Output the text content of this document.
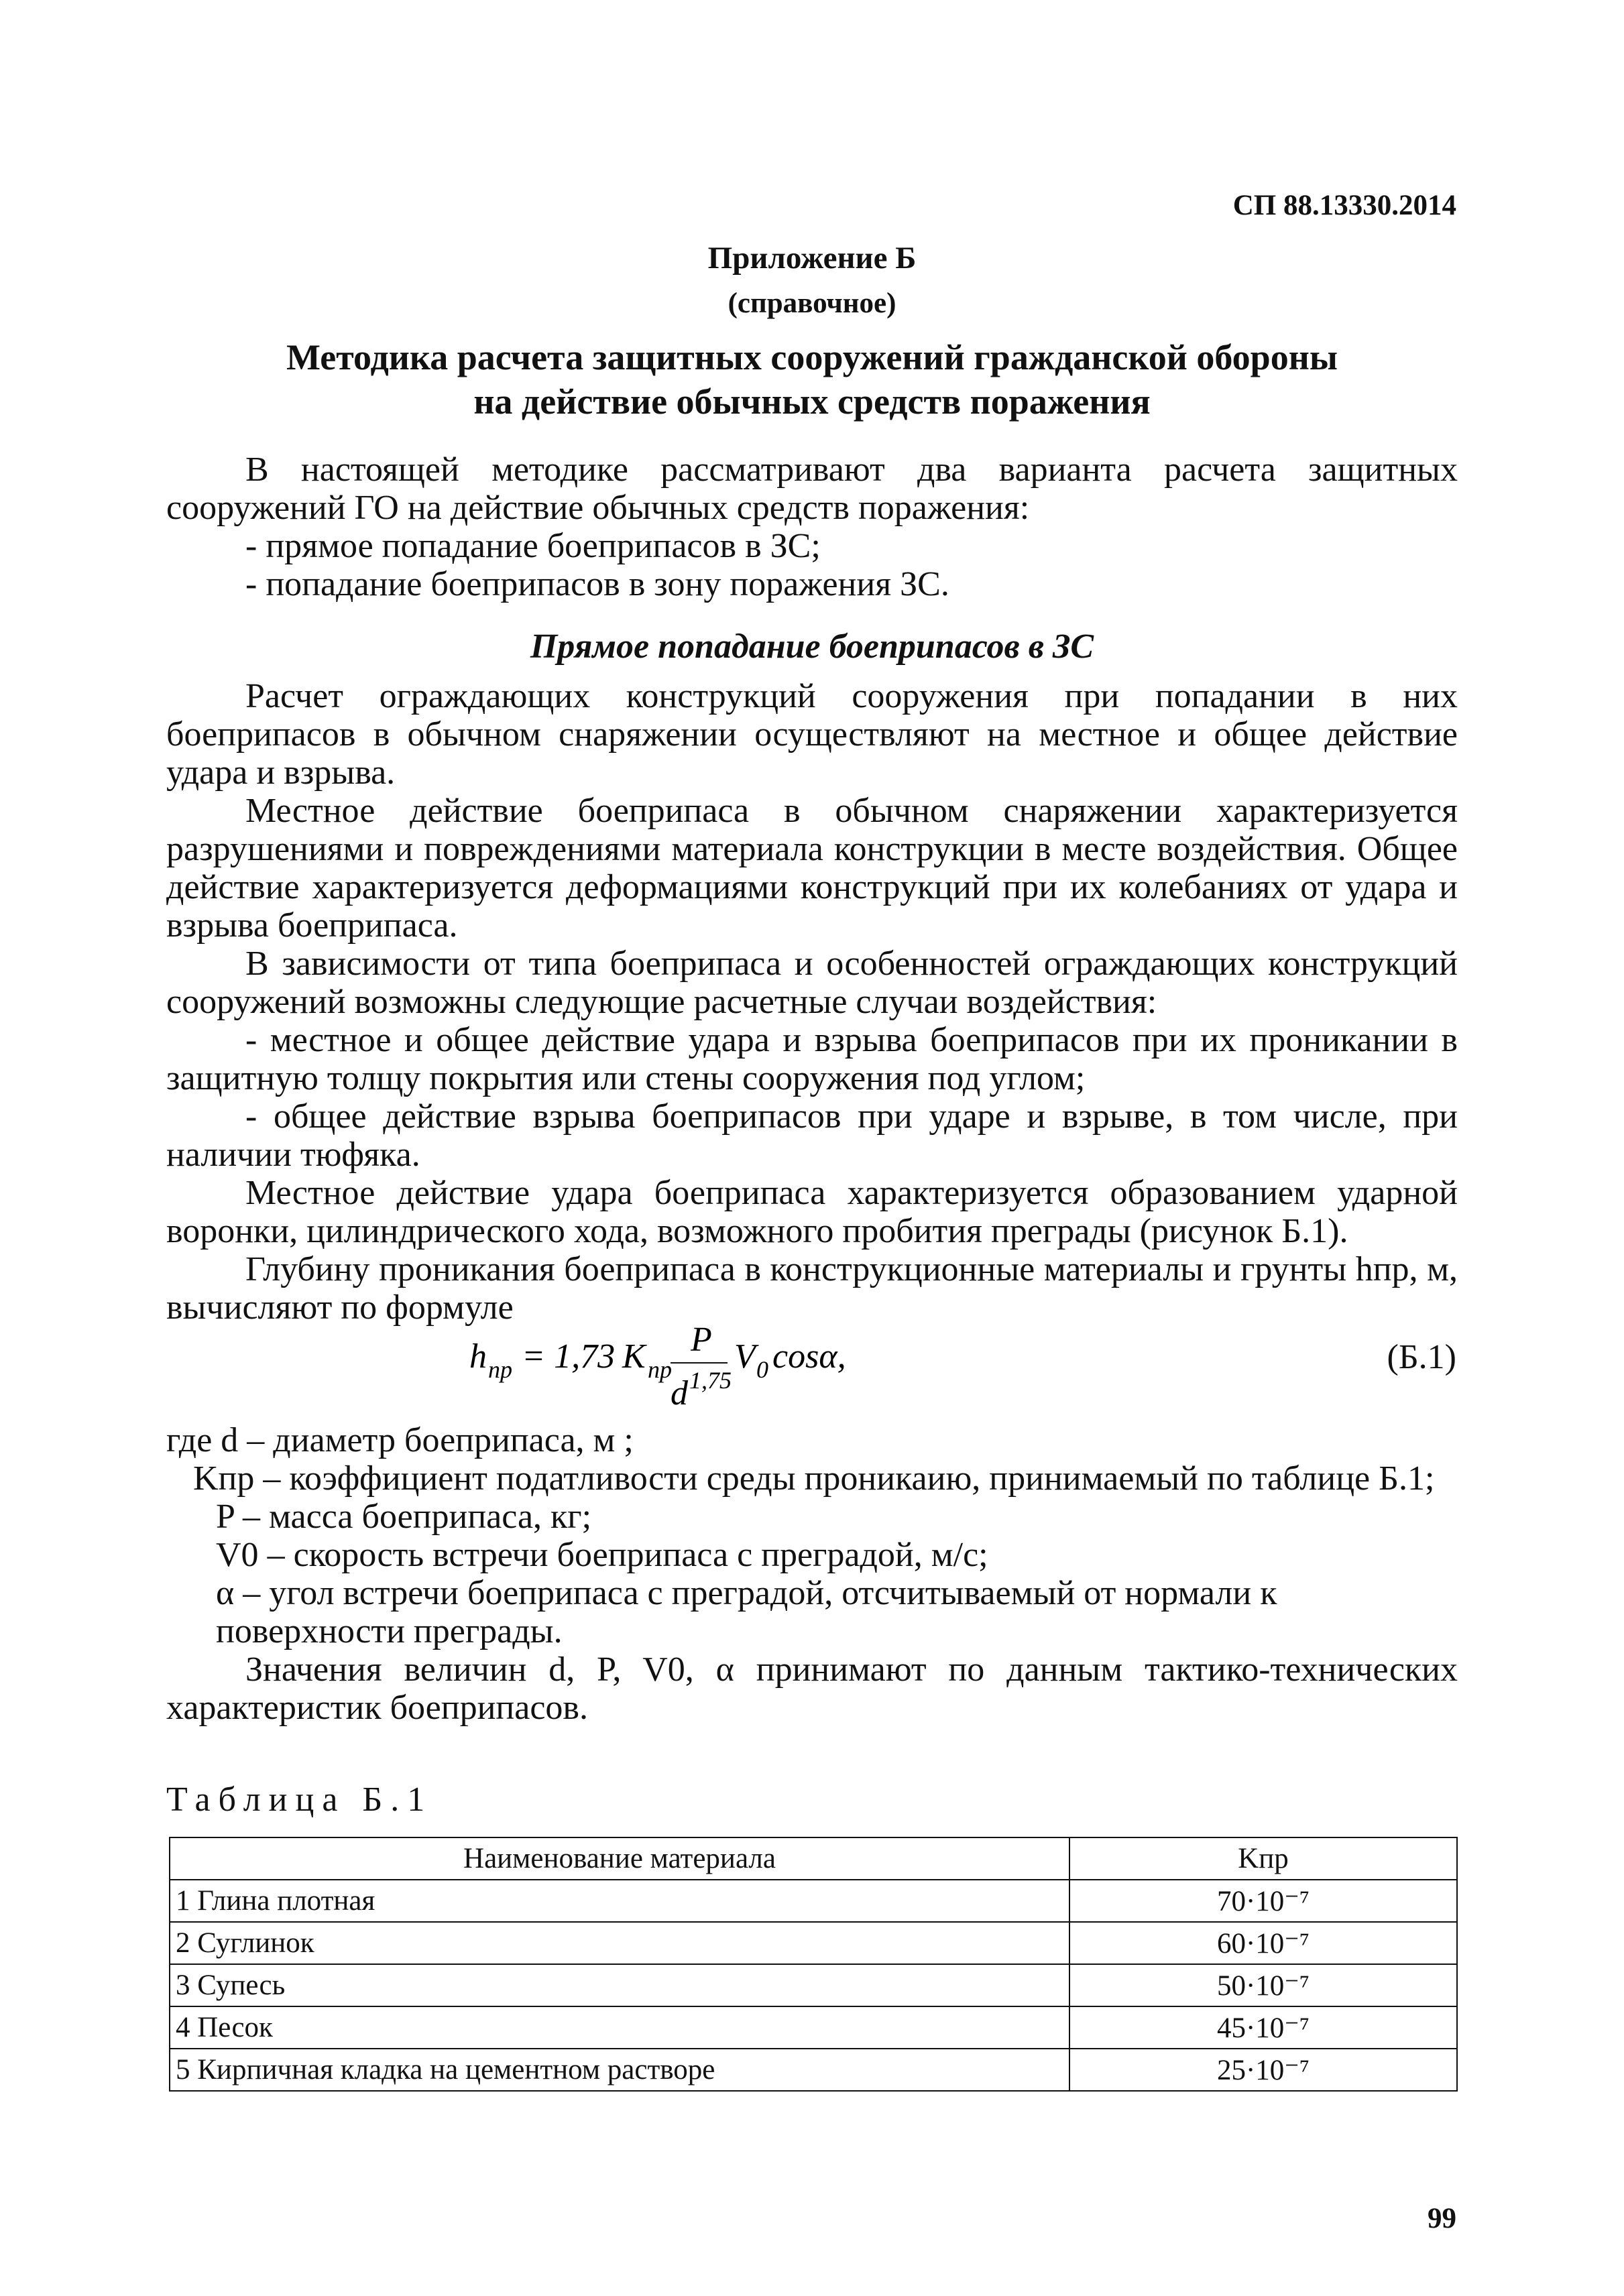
СП 88.13330.2014
Приложение Б
(справочное)
Методика расчета защитных сооружений гражданской обороны
на действие обычных средств поражения

В настоящей методике рассматривают два варианта расчета защитных сооружений ГО на действие обычных средств поражения:

- прямое попадание боеприпасов в ЗС;

- попадание боеприпасов в зону поражения ЗС.

Прямое попадание боеприпасов в ЗС

Расчет ограждающих конструкций сооружения при попадании в них боеприпасов в обычном снаряжении осуществляют на местное и общее действие удара и взрыва.

Местное действие боеприпаса в обычном снаряжении характеризуется разрушениями и повреждениями материала конструкции в месте воздействия. Общее действие характеризуется деформациями конструкций при их колебаниях от удара и взрыва боеприпаса.

В зависимости от типа боеприпаса и особенностей ограждающих конструкций сооружений возможны следующие расчетные случаи воздействия:

- местное и общее действие удара и взрыва боеприпасов при их проникании в защитную толщу покрытия или стены сооружения под углом;

- общее действие взрыва боеприпасов при ударе и взрыве, в том числе, при наличии тюфяка.

Местное действие удара боеприпаса характеризуется образованием ударной воронки, цилиндрического хода, возможного пробития преграды (рисунок Б.1).

Глубину проникания боеприпаса в конструкционные материалы и грунты hпр, м, вычисляют по формуле

h пр = 1,73 K пр
P
d 1,75
V 0 cosα,	(Б.1)
где d – диаметр боеприпаса, м ;
Kпр – коэффициент податливости среды проникаию, принимаемый по таблице Б.1;
P – масса боеприпаса, кг;
V0 – скорость встречи боеприпаса с преградой, м/с;
α – угол встречи боеприпаса с преградой, отсчитываемый от нормали к поверхности преграды.

Значения величин d, P, V0, α принимают по данным тактико-технических характеристик боеприпасов.

Таблица Б.1
Наименование материала	Kпр
1 Глина плотная	70·10⁻⁷
2 Суглинок	60·10⁻⁷
3 Супесь	50·10⁻⁷
4 Песок	45·10⁻⁷
5 Кирпичная кладка на цементном растворе	25·10⁻⁷
99
